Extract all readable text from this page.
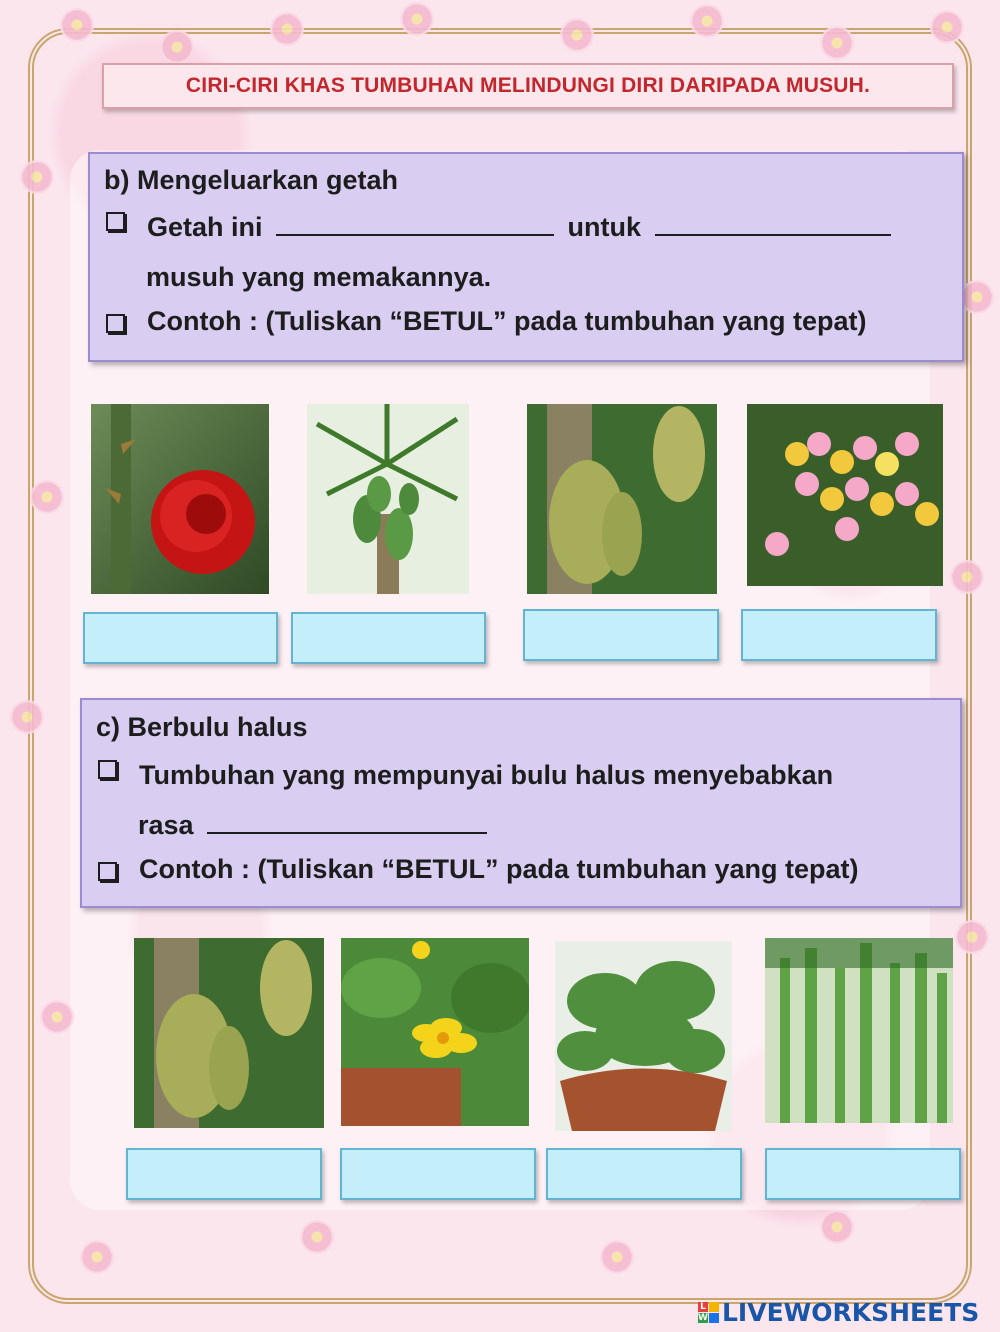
CIRI-CIRI KHAS TUMBUHAN MELINDUNGI DIRI DARIPADA MUSUH.
b) Mengeluarkan getah
Getah ini	untuk
musuh yang memakannya.
Contoh : (Tuliskan “BETUL” pada tumbuhan yang tepat)
c) Berbulu halus
Tumbuhan yang mempunyai bulu halus menyebabkan
rasa
Contoh : (Tuliskan “BETUL” pada tumbuhan yang tepat)
L
W LIVEWORKSHEETS
